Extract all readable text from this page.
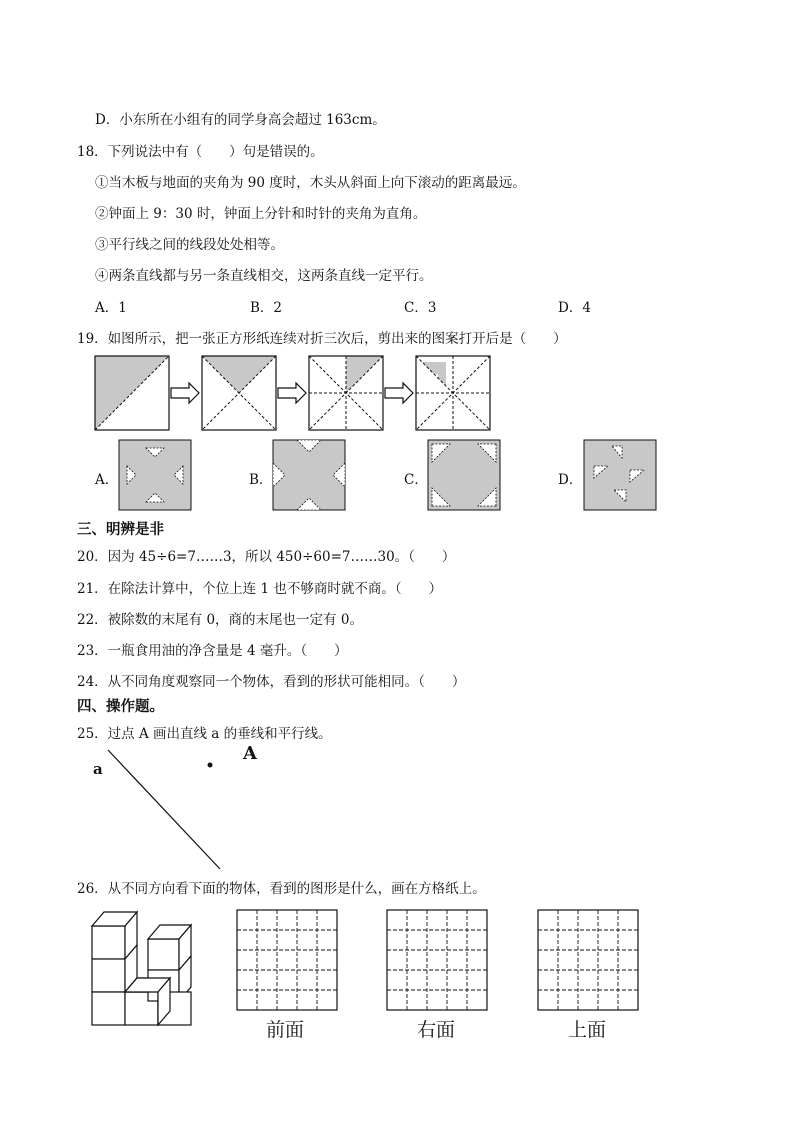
D．小东所在小组有的同学身高会超过 163cm。
18．下列说法中有（　　）句是错误的。
①当木板与地面的夹角为 90 度时，木头从斜面上向下滚动的距离最远。
②钟面上 9：30 时，钟面上分针和时针的夹角为直角。
③平行线之间的线段处处相等。
④两条直线都与另一条直线相交，这两条直线一定平行。
A．1	B．2	C．3	D．4
19．如图所示，把一张正方形纸连续对折三次后，剪出来的图案打开后是（　　）
A．	B．	C．	D．
三、明辨是非
20．因为 45÷6=7……3，所以 450÷60=7……30。（　　）
21．在除法计算中，个位上连 1 也不够商时就不商。（　　）
22．被除数的末尾有 0，商的末尾也一定有 0。
23．一瓶食用油的净含量是 4 毫升。（　　）
24．从不同角度观察同一个物体，看到的形状可能相同。（　　）
四、操作题。
25．过点 A 画出直线 a 的垂线和平行线。
a
A
26．从不同方向看下面的物体，看到的图形是什么，画在方格纸上。
前面	右面	上面
